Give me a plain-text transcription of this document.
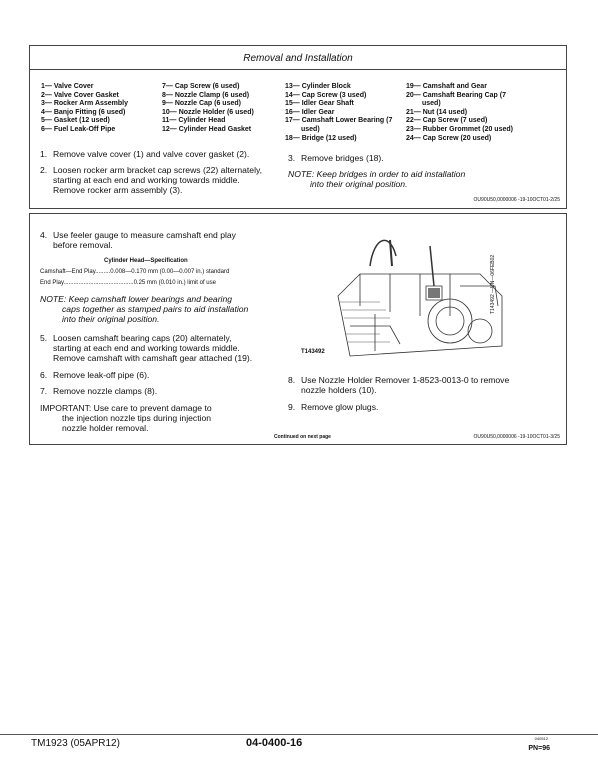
Removal and Installation
1— Valve Cover
2— Valve Cover Gasket
3— Rocker Arm Assembly
4— Banjo Fitting (6 used)
5— Gasket (12 used)
6— Fuel Leak-Off Pipe
7— Cap Screw (6 used)
8— Nozzle Clamp (6 used)
9— Nozzle Cap (6 used)
10— Nozzle Holder (6 used)
11— Cylinder Head
12— Cylinder Head Gasket
13— Cylinder Block
14— Cap Screw (3 used)
15— Idler Gear Shaft
16— Idler Gear
17— Camshaft Lower Bearing (7
used)
18— Bridge (12 used)
19— Camshaft and Gear
20— Camshaft Bearing Cap (7
used)
21— Nut (14 used)
22— Cap Screw (7 used)
23— Rubber Grommet (20 used)
24— Cap Screw (20 used)
1. Remove valve cover (1) and valve cover gasket (2).
2. Loosen rocker arm bracket cap screws (22) alternately,
starting at each end and working towards middle.
Remove rocker arm assembly (3).
3. Remove bridges (18).
NOTE: Keep bridges in order to aid installation
into their original position.
OU90U50,0000006 -19-10OCT01-2/25
4. Use feeler gauge to measure camshaft end play
before removal.
Cylinder Head—Specification
Camshaft—End Play.........0.008—0.170 mm (0.00—0.007 in.) standard
End Play..........................................0.25 mm (0.010 in.) limit of use
NOTE: Keep camshaft lower bearings and bearing
caps together as stamped pairs to aid installation
into their original position.
5. Loosen camshaft bearing caps (20) alternately,
starting at each end and working towards middle.
Remove camshaft with camshaft gear attached (19).
6. Remove leak-off pipe (6).
7. Remove nozzle clamps (8).
IMPORTANT: Use care to prevent damage to
the injection nozzle tips during injection
nozzle holder removal.
T143492
T143492 —UN—06FEB02
8. Use Nozzle Holder Remover 1-8523-0013-0 to remove
nozzle holders (10).
9. Remove glow plugs.
Continued on next page	OU90U50,0000006 -19-10OCT01-3/25
TM1923 (05APR12)	04-0400-16	040512
PN=96
